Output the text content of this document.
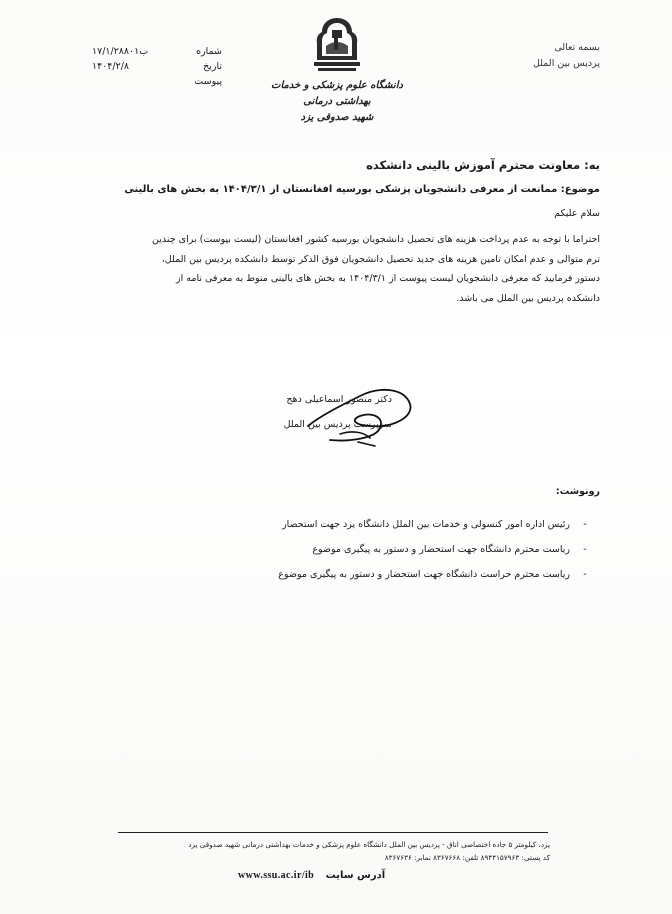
بسمه تعالی
پردیس بین الملل
دانشگاه علوم پزشکی و خدمات بهداشتی درمانی
شهید صدوقی یزد
۱۷/۱/۲۸۸۰۱ب	شماره
۱۴۰۴/۲/۸	تاریخ
پیوست
به: معاونت محترم آموزش بالینی دانشکده
موضوع: ممانعت از معرفی دانشجویان پزشکی بورسیه افغانستان از ۱۴۰۴/۳/۱ به بخش های بالینی
سلام علیکم
احتراما با توجه به عدم پرداخت هزینه های تحصیل دانشجویان بورسیه کشور افغانستان (لیست بپوست) برای چندین
ترم متوالی و عدم امکان تامین هزینه های جدید تحصیل دانشجویان فوق الذکر توسط دانشکده پردیس بین الملل،
دستور فرمایید که معرفی دانشجویان لیست پیوست از ۱۴۰۴/۳/۱ به بخش های بالینی منوط به معرفی نامه از
دانشکده پردیس بین الملل می باشد.
دکتر منصور اسماعیلی دهج
سرپرست پردیس بین الملل
رونوشت:
-
رئیس اداره امور کنسولی و خدمات بین الملل دانشگاه یزد جهت استحضار
-
ریاست محترم دانشگاه جهت استحضار و دستور به پیگیری موضوع
-
ریاست محترم حراست دانشگاه جهت استحضار و دستور به پیگیری موضوع
یزد، کیلومتر ۵ جاده اختصاصی اناق - پردیس بین الملل دانشگاه علوم پزشکی و خدمات بهداشتی درمانی شهید صدوقی یزد
کد پستی: ۸۹۴۴۱۵۷۹۶۳ تلفن: ۸۳۶۷۶۶۸ نمابر: ۸۳۶۷۶۳۶
www.ssu.ac.ir/ib آدرس سایت
